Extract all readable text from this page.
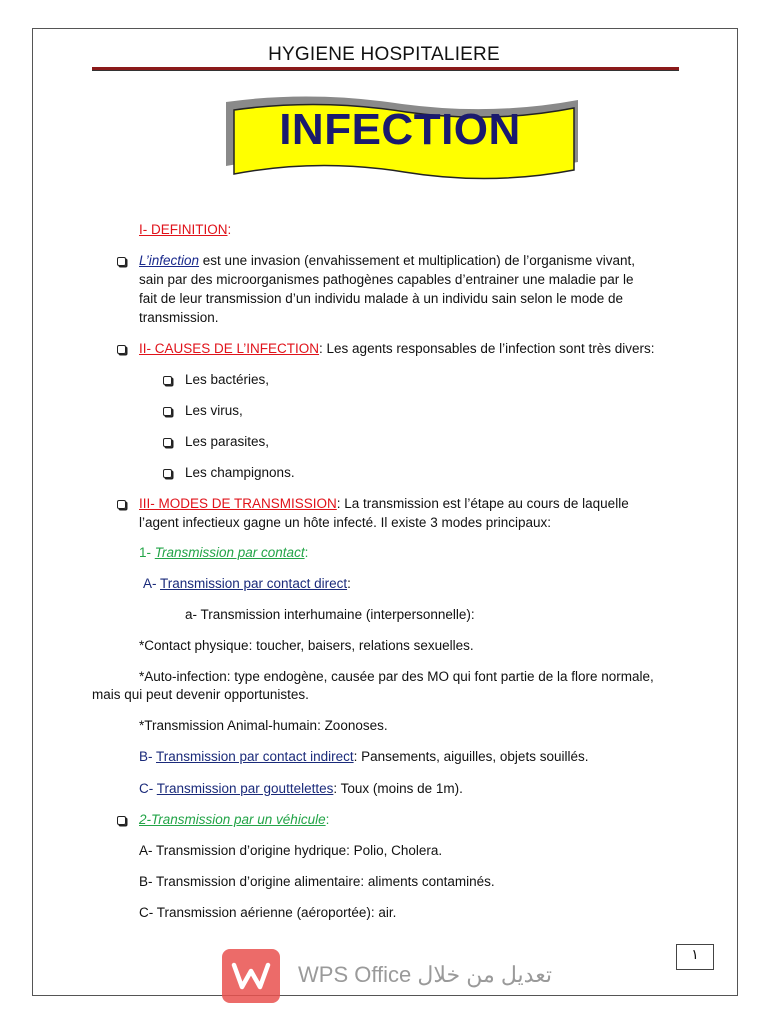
HYGIENE HOSPITALIERE
INFECTION
I- DEFINITION:
L’infection est une invasion (envahissement et multiplication) de l’organisme vivant,
sain par des microorganismes pathogènes capables d’entrainer une maladie par le
fait de leur transmission d’un individu malade à un individu sain selon le mode de
transmission.
II- CAUSES DE L’INFECTION: Les agents responsables de l’infection sont très divers:
Les bactéries,
Les virus,
Les parasites,
Les champignons.
III- MODES DE TRANSMISSION: La transmission est l’étape au cours de laquelle
l’agent infectieux gagne un hôte infecté. Il existe 3 modes principaux:
1- Transmission par contact:
A- Transmission par contact direct:
a- Transmission interhumaine (interpersonnelle):
*Contact physique: toucher, baisers, relations sexuelles.
*Auto-infection: type endogène, causée par des MO qui font partie de la flore normale,
mais qui peut devenir opportunistes.
*Transmission Animal-humain: Zoonoses.
B- Transmission par contact indirect: Pansements, aiguilles, objets souillés.
C- Transmission par gouttelettes: Toux (moins de 1m).
2-Transmission par un véhicule:
A- Transmission d’origine hydrique: Polio, Cholera.
B- Transmission d’origine alimentaire: aliments contaminés.
C- Transmission aérienne (aéroportée): air.
١
WPS Office تعديل من خلال
